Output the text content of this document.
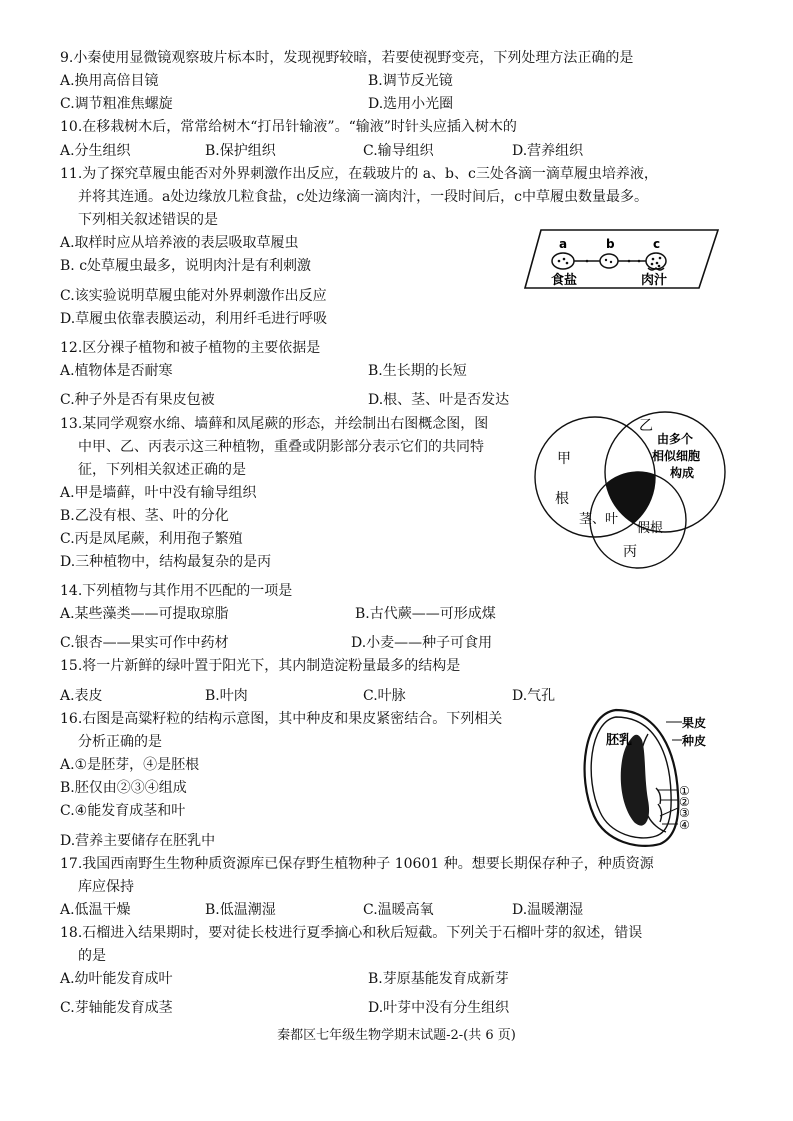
9.小秦使用显微镜观察玻片标本时，发现视野较暗，若要使视野变亮，下列处理方法正确的是
A.换用高倍目镜	B.调节反光镜
C.调节粗准焦螺旋	D.选用小光圈
10.在移栽树木后，常常给树木“打吊针输液”。“输液”时针头应插入树木的
A.分生组织	B.保护组织	C.输导组织	D.营养组织
11.为了探究草履虫能否对外界刺激作出反应，在载玻片的 a、b、c三处各滴一滴草履虫培养液，
并将其连通。a处边缘放几粒食盐，c处边缘滴一滴肉汁，一段时间后，c中草履虫数量最多。
下列相关叙述错误的是
A.取样时应从培养液的表层吸取草履虫
B. c处草履虫最多，说明肉汁是有利刺激
C.该实验说明草履虫能对外界刺激作出反应
D.草履虫依靠表膜运动，利用纤毛进行呼吸
a	b	c
食盐	肉汁
12.区分裸子植物和被子植物的主要依据是
A.植物体是否耐寒	B.生长期的长短
C.种子外是否有果皮包被	D.根、茎、叶是否发达
13.某同学观察水绵、墙藓和凤尾蕨的形态，并绘制出右图概念图，图
中甲、乙、丙表示这三种植物，重叠或阴影部分表示它们的共同特
征，下列相关叙述正确的是
A.甲是墙藓，叶中没有输导组织
B.乙没有根、茎、叶的分化
C.丙是凤尾蕨，利用孢子繁殖
D.三种植物中，结构最复杂的是丙
甲
乙
由多个
相似细胞
构成
根
茎、叶
假根
丙
14.下列植物与其作用不匹配的一项是
A.某些藻类——可提取琼脂	B.古代蕨——可形成煤
C.银杏——果实可作中药材	D.小麦——种子可食用
15.将一片新鲜的绿叶置于阳光下，其内制造淀粉量最多的结构是
A.表皮	B.叶肉	C.叶脉	D.气孔
16.右图是高粱籽粒的结构示意图，其中种皮和果皮紧密结合。下列相关
分析正确的是
A.①是胚芽，④是胚根
B.胚仅由②③④组成
C.④能发育成茎和叶
D.营养主要储存在胚乳中
胚乳
果皮
种皮
①
②
③
④
17.我国西南野生生物种质资源库已保存野生植物种子 10601 种。想要长期保存种子，种质资源
库应保持
A.低温干燥	B.低温潮湿	C.温暖高氧	D.温暖潮湿
18.石榴进入结果期时，要对徒长枝进行夏季摘心和秋后短截。下列关于石榴叶芽的叙述，错误
的是
A.幼叶能发育成叶	B.芽原基能发育成新芽
C.芽轴能发育成茎	D.叶芽中没有分生组织
秦都区七年级生物学期末试题-2-(共 6 页)
